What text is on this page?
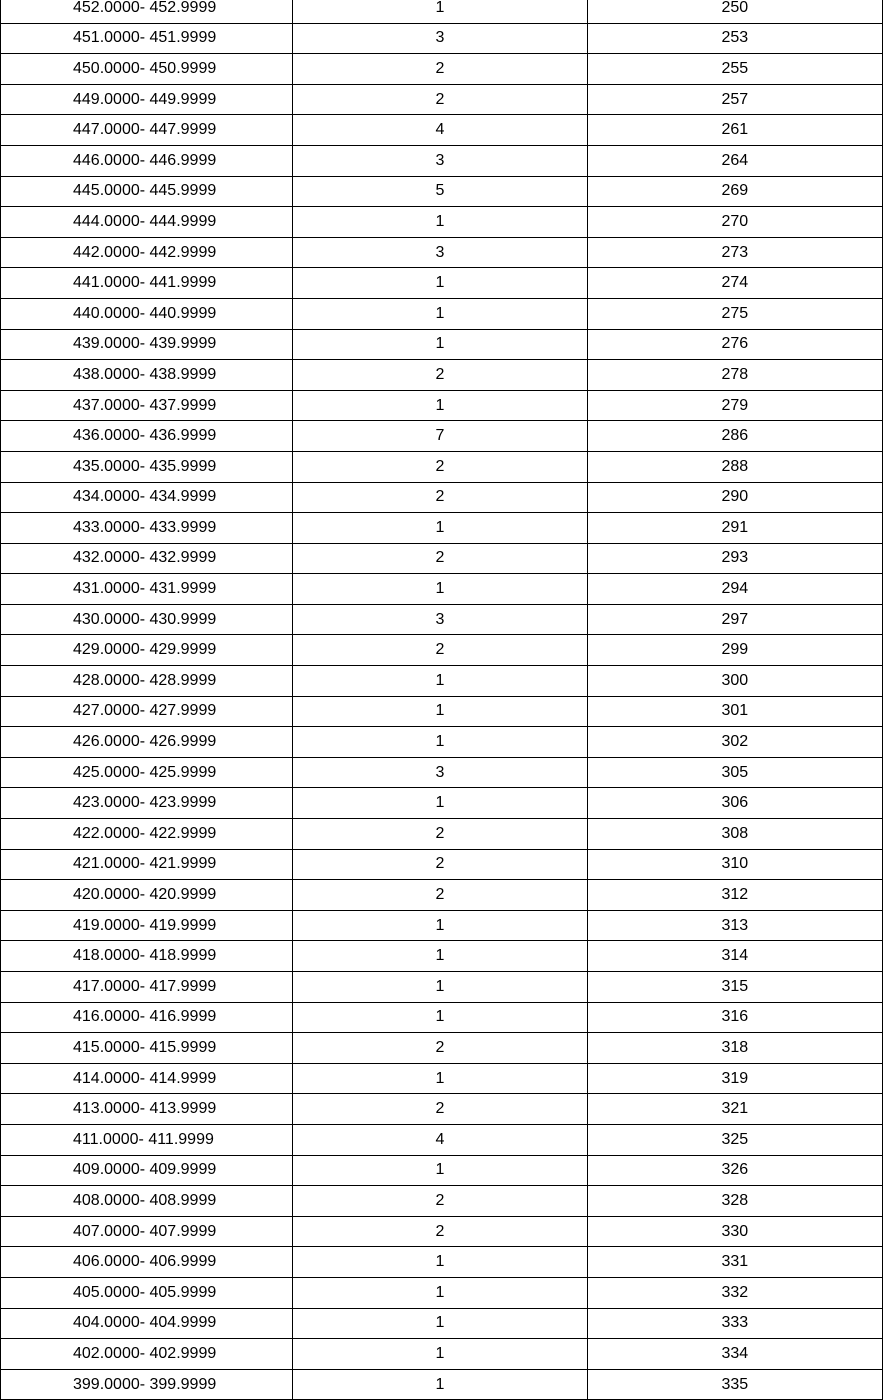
452.0000- 452.9999	1	250
451.0000- 451.9999	3	253
450.0000- 450.9999	2	255
449.0000- 449.9999	2	257
447.0000- 447.9999	4	261
446.0000- 446.9999	3	264
445.0000- 445.9999	5	269
444.0000- 444.9999	1	270
442.0000- 442.9999	3	273
441.0000- 441.9999	1	274
440.0000- 440.9999	1	275
439.0000- 439.9999	1	276
438.0000- 438.9999	2	278
437.0000- 437.9999	1	279
436.0000- 436.9999	7	286
435.0000- 435.9999	2	288
434.0000- 434.9999	2	290
433.0000- 433.9999	1	291
432.0000- 432.9999	2	293
431.0000- 431.9999	1	294
430.0000- 430.9999	3	297
429.0000- 429.9999	2	299
428.0000- 428.9999	1	300
427.0000- 427.9999	1	301
426.0000- 426.9999	1	302
425.0000- 425.9999	3	305
423.0000- 423.9999	1	306
422.0000- 422.9999	2	308
421.0000- 421.9999	2	310
420.0000- 420.9999	2	312
419.0000- 419.9999	1	313
418.0000- 418.9999	1	314
417.0000- 417.9999	1	315
416.0000- 416.9999	1	316
415.0000- 415.9999	2	318
414.0000- 414.9999	1	319
413.0000- 413.9999	2	321
411.0000- 411.9999	4	325
409.0000- 409.9999	1	326
408.0000- 408.9999	2	328
407.0000- 407.9999	2	330
406.0000- 406.9999	1	331
405.0000- 405.9999	1	332
404.0000- 404.9999	1	333
402.0000- 402.9999	1	334
399.0000- 399.9999	1	335
